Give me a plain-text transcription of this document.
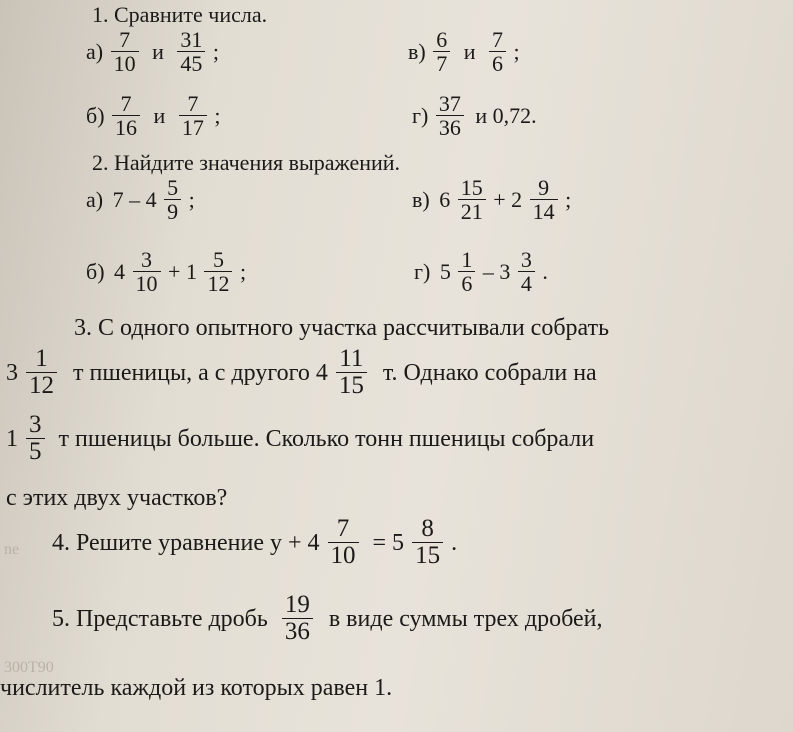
1. Сравните числа.
$а) \frac{7}{10}$ и $\frac{31}{45}$ ;	$в) \frac{6}{7}$ и $\frac{7}{6}$ ;
$б) \frac{7}{16}$ и $\frac{7}{17}$ ;	$г) \frac{37}{36}$ и 0,72.
2. Найдите значения выражений.
а) $7 - 4 \frac{5}{9}$ ;	в) $6 \frac{15}{21} + 2 \frac{9}{14}$ ;
б) $4 \frac{3}{10} + 1 \frac{5}{12}$ ;	г) $5 \frac{1}{6} - 3 \frac{3}{4}$ .
3. С одного опытного участка рассчитывали собрать
$3 \frac{1}{12}$ т пшеницы, а с другого $4 \frac{11}{15} т$. Однако собрали на
$1 \frac{3}{5}$ т пшеницы больше. Сколько тонн пшеницы собрали
с этих двух участков?
ne 4. Решите уравнение $y + 4 \frac{7}{10} = 5 \frac{8}{15}$ .
300Т90
5. Представьте дробь $\frac{19}{36}$ в виде суммы трех дробей,
числитель каждой из которых равен 1.
